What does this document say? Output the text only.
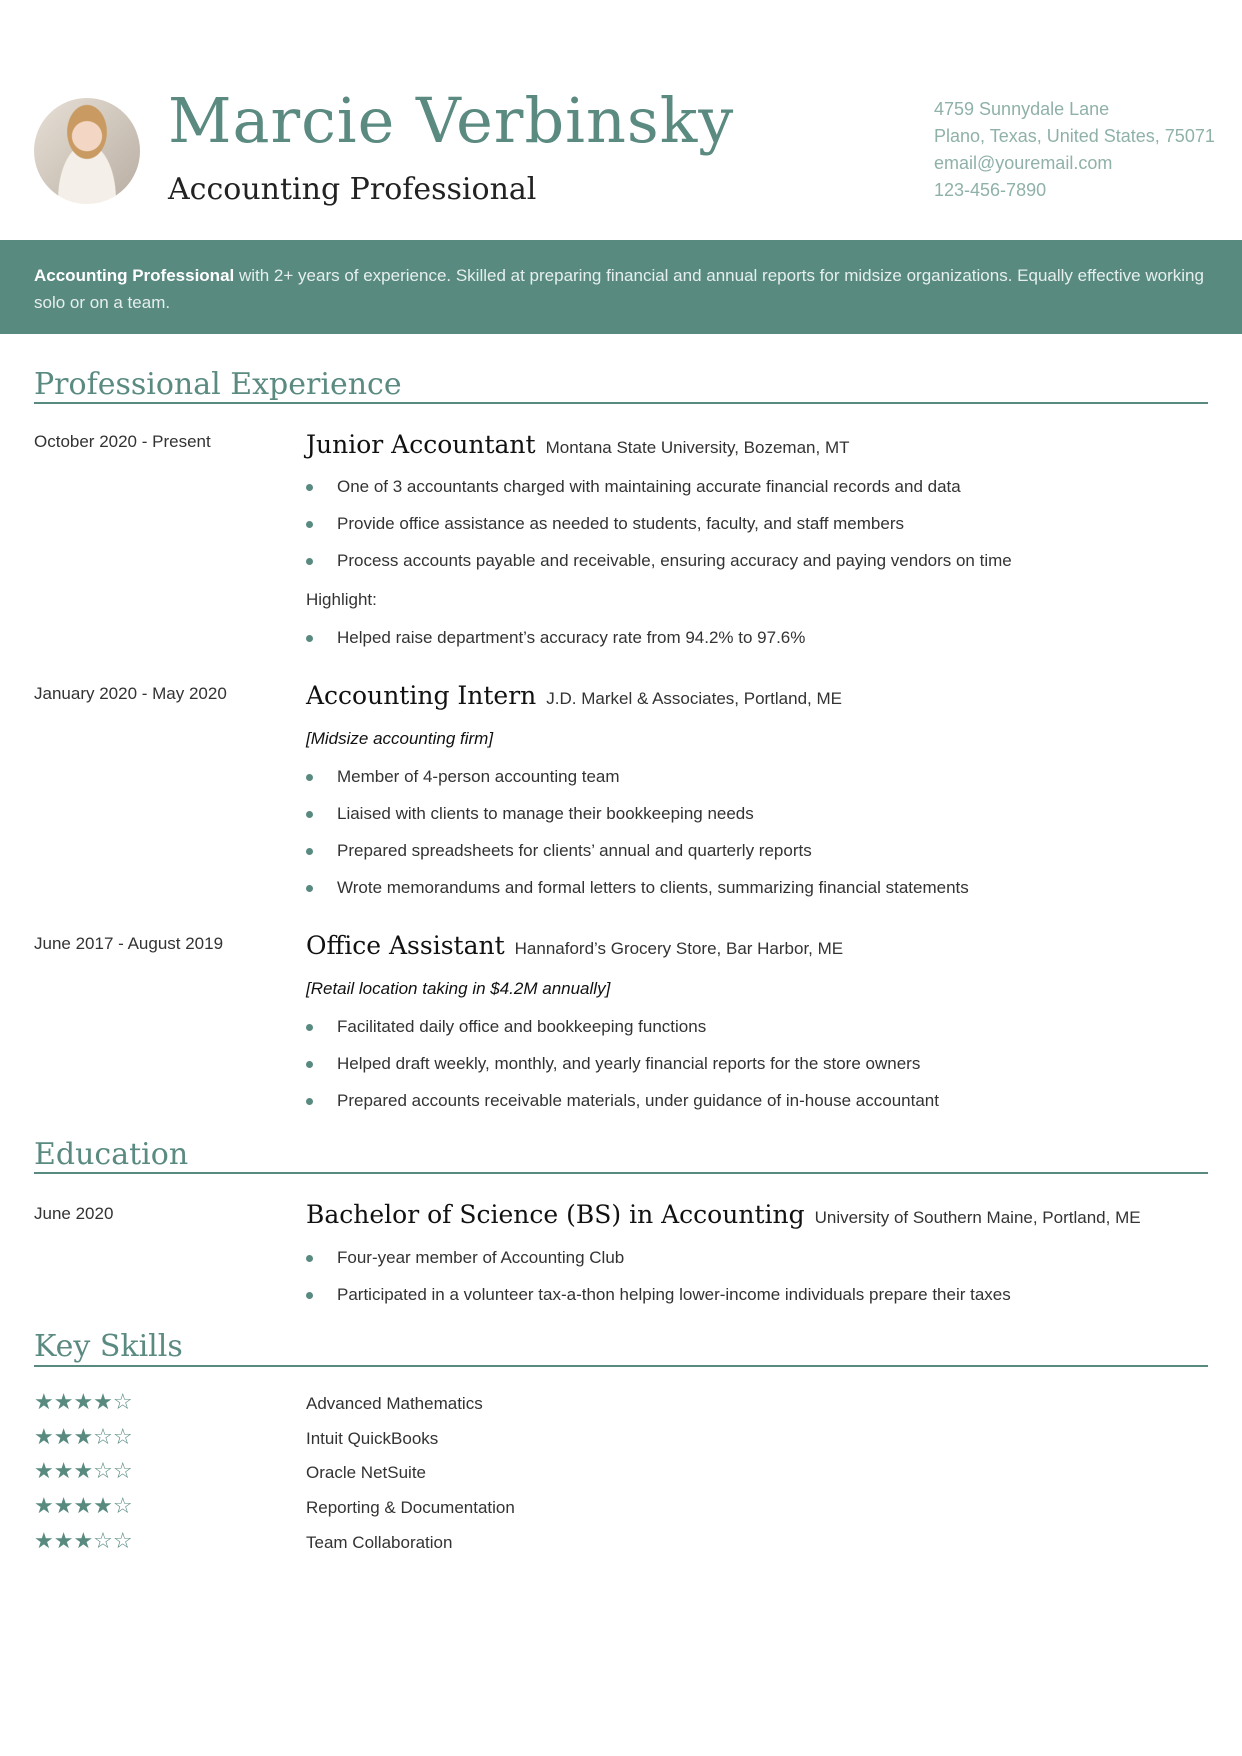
Marcie Verbinsky
Accounting Professional
4759 Sunnydale Lane
Plano, Texas, United States, 75071
email@youremail.com
123-456-7890
Accounting Professional with 2+ years of experience. Skilled at preparing financial and annual reports for midsize organizations. Equally effective working solo or on a team.
Professional Experience
October 2020 - Present	Junior Accountant Montana State University, Bozeman, MT
One of 3 accountants charged with maintaining accurate financial records and data
Provide office assistance as needed to students, faculty, and staff members
Process accounts payable and receivable, ensuring accuracy and paying vendors on time
Highlight:
Helped raise department’s accuracy rate from 94.2% to 97.6%
January 2020 - May 2020	Accounting Intern J.D. Markel & Associates, Portland, ME
[Midsize accounting firm]
Member of 4-person accounting team
Liaised with clients to manage their bookkeeping needs
Prepared spreadsheets for clients’ annual and quarterly reports
Wrote memorandums and formal letters to clients, summarizing financial statements
June 2017 - August 2019	Office Assistant Hannaford’s Grocery Store, Bar Harbor, ME
[Retail location taking in $4.2M annually]
Facilitated daily office and bookkeeping functions
Helped draft weekly, monthly, and yearly financial reports for the store owners
Prepared accounts receivable materials, under guidance of in-house accountant
Education
June 2020	Bachelor of Science (BS) in Accounting University of Southern Maine, Portland, ME
Four-year member of Accounting Club
Participated in a volunteer tax-a-thon helping lower-income individuals prepare their taxes
Key Skills
★★★★☆	Advanced Mathematics
★★★☆☆	Intuit QuickBooks
★★★☆☆	Oracle NetSuite
★★★★☆	Reporting & Documentation
★★★☆☆	Team Collaboration
